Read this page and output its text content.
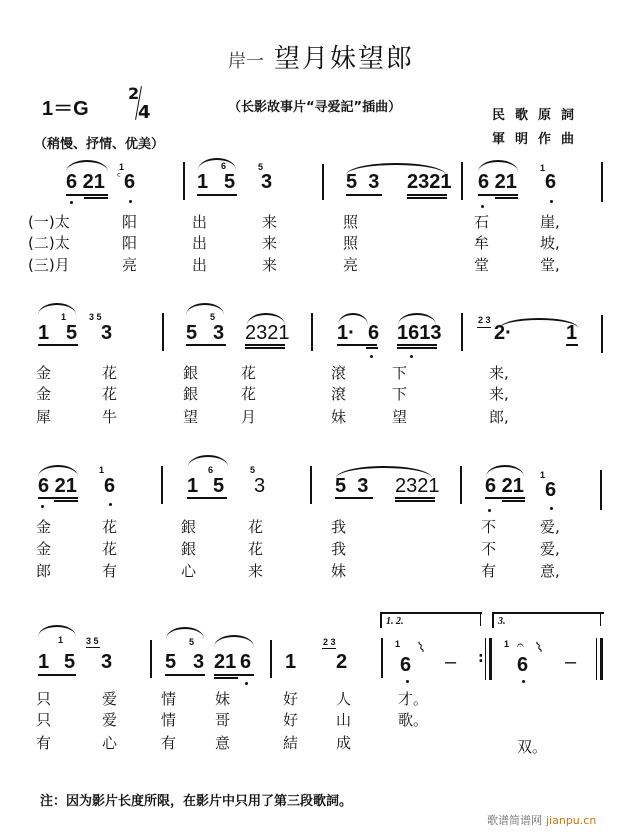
岸一 望月妹望郎
1＝G
2
4	（长影故事片“寻爱記”插曲）
民歌原詞
軍明作曲
（稍慢、抒情、优美）
6 21
1
ᶜ 6	1
6
5
5
3	5  3 2321 6 21
1
6
(一)太	阳	出	来	照	石	崖,
(二)太	阳	出	来	照	牟	坡,
(三)月	亮	出	来	亮	堂	堂,
1
1
5
3 5
3	5
5
3 2321 1· 6 1613
2 3
2·	1
金	花	銀	花	滾	下	来,
金	花	銀	花	滾	下	来,
犀	牛	望	月	妹	望	郎,
6 21
1
6	1
6
5
5
3	5  3 2321 6 21 1
6
金	花	銀	花	我	不	爱,
金	花	銀	花	我	不	爱,
郎	有	心	来	妹	有	意,
1
1
5
3 5
3	5
5
3 21 6 1
2 3
2
1. 2.
1
6
⌇
– :
3.
1 𝄐
6
⌇
–
只	爱	情	妹	好	人	才。
只	爱	情	哥	好	山	歌。
有	心	有	意	結	成	双。
注：因为影片长度所限，在影片中只用了第三段歌詞。
歌谱简谱网 jianpu.cn
